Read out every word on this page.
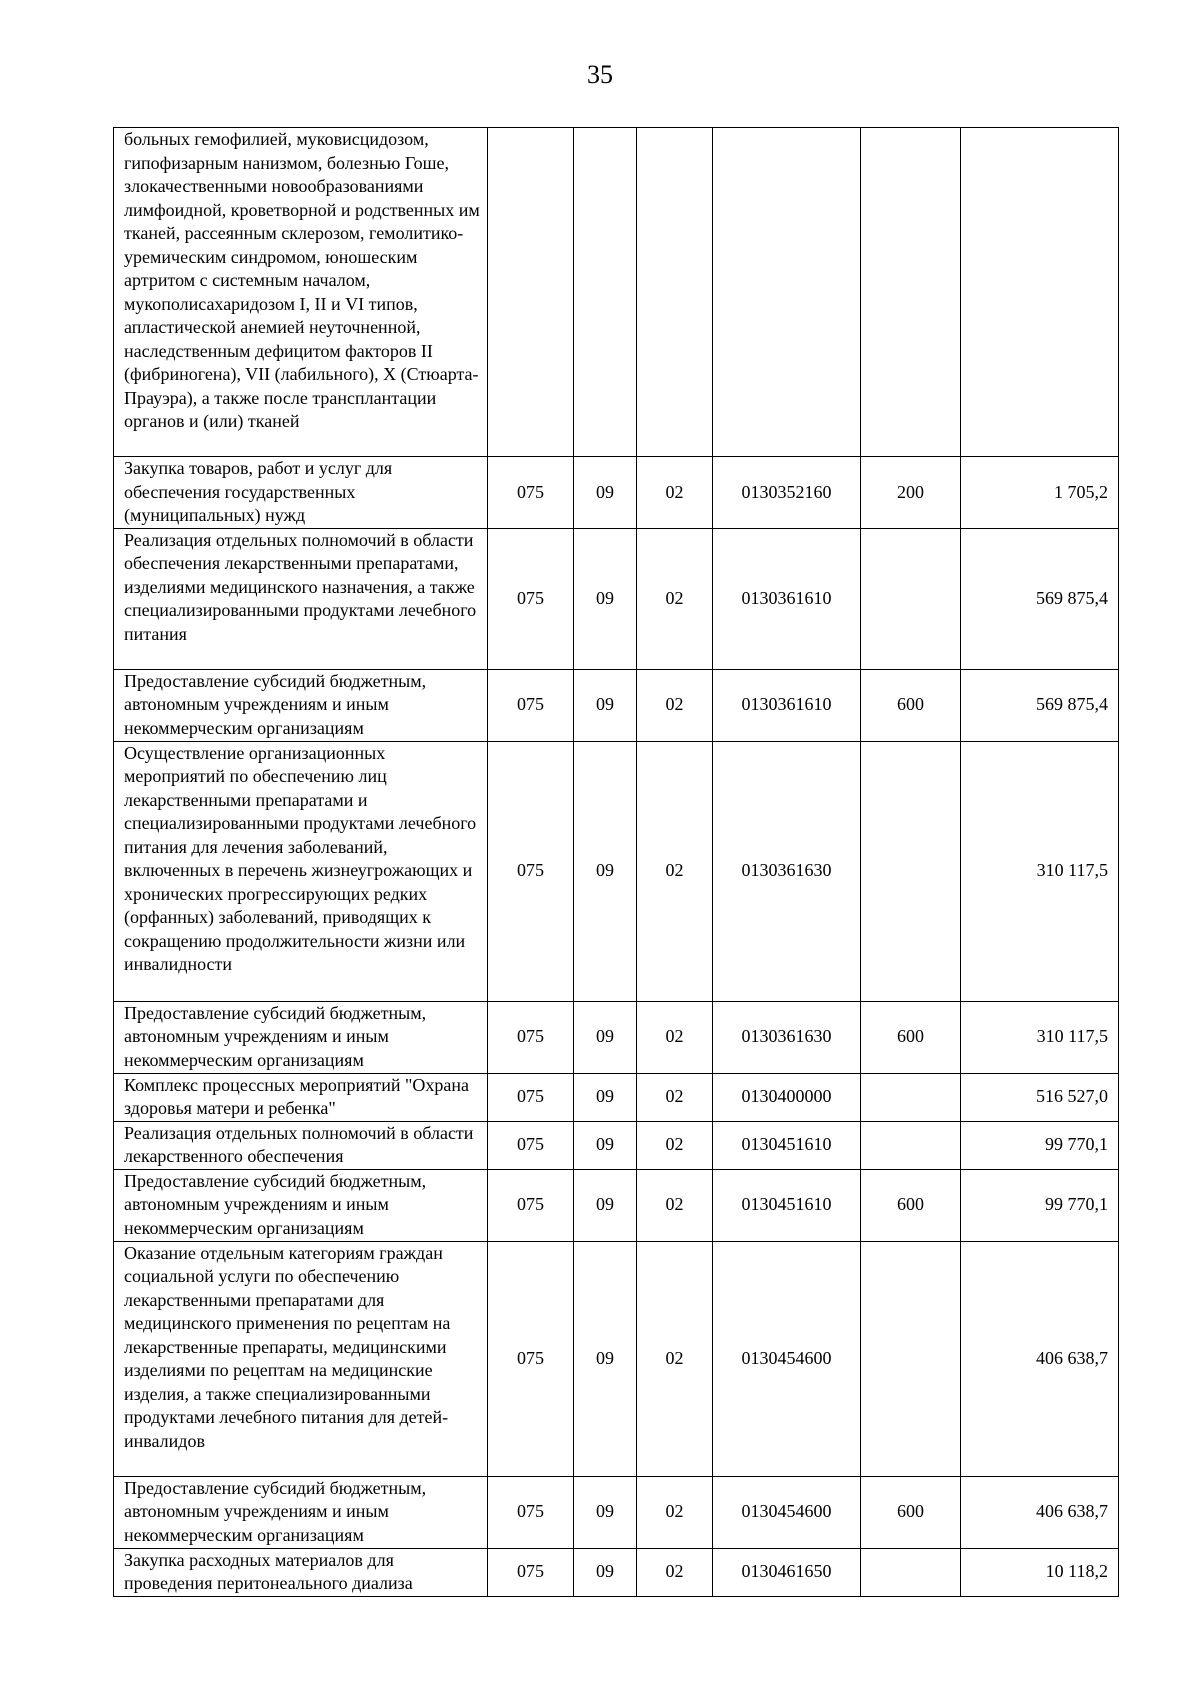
35
больных гемофилией, муковисцидозом, гипофизарным нанизмом, болезнью Гоше, злокачественными новообразованиями лимфоидной, кроветворной и родственных им тканей, рассеянным склерозом, гемолитико-уремическим синдромом, юношеским артритом с системным началом, мукополисахаридозом I, II и VI типов, апластической анемией неуточненной, наследственным дефицитом факторов II (фибриногена), VII (лабильного), X (Стюарта-Прауэра), а также после трансплантации органов и (или) тканей						
Закупка товаров, работ и услуг для обеспечения государственных (муниципальных) нужд	075	09	02	0130352160	200	1 705,2
Реализация отдельных полномочий в области обеспечения лекарственными препаратами, изделиями медицинского назначения, а также специализированными продуктами лечебного питания	075	09	02	0130361610		569 875,4
Предоставление субсидий бюджетным, автономным учреждениям и иным некоммерческим организациям	075	09	02	0130361610	600	569 875,4
Осуществление организационных мероприятий по обеспечению лиц лекарственными препаратами и специализированными продуктами лечебного питания для лечения заболеваний, включенных в перечень жизнеугрожающих и хронических прогрессирующих редких (орфанных) заболеваний, приводящих к сокращению продолжительности жизни или инвалидности	075	09	02	0130361630		310 117,5
Предоставление субсидий бюджетным, автономным учреждениям и иным некоммерческим организациям	075	09	02	0130361630	600	310 117,5
Комплекс процессных мероприятий "Охрана здоровья матери и ребенка"	075	09	02	0130400000		516 527,0
Реализация отдельных полномочий в области лекарственного обеспечения	075	09	02	0130451610		99 770,1
Предоставление субсидий бюджетным, автономным учреждениям и иным некоммерческим организациям	075	09	02	0130451610	600	99 770,1
Оказание отдельным категориям граждан социальной услуги по обеспечению лекарственными препаратами для медицинского применения по рецептам на лекарственные препараты, медицинскими изделиями по рецептам на медицинские изделия, а также специализированными продуктами лечебного питания для детей-инвалидов	075	09	02	0130454600		406 638,7
Предоставление субсидий бюджетным, автономным учреждениям и иным некоммерческим организациям	075	09	02	0130454600	600	406 638,7
Закупка расходных материалов для проведения перитонеального диализа	075	09	02	0130461650		10 118,2
